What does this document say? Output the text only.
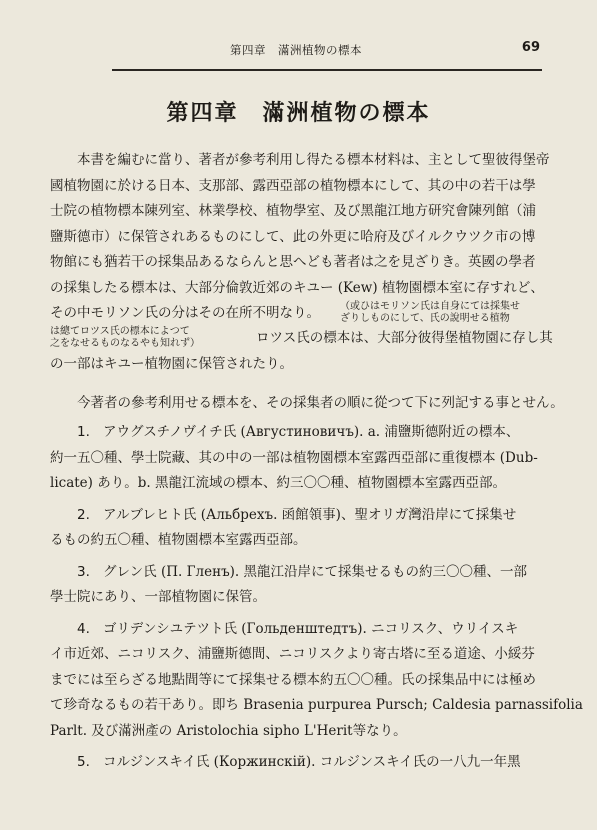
第四章　滿洲植物の標本	69
第四章　滿洲植物の標本
本書を編むに當り、著者が參考利用し得たる標本材料は、主として聖彼得堡帝
國植物園に於ける日本、支那部、露西亞部の植物標本にして、其の中の若干は學
士院の植物標本陳列室、林業學校、植物學室、及び黑龍江地方研究會陳列館（浦
鹽斯德市）に保管されあるものにして、此の外更に哈府及びイルクウツク市の博
物館にも猶若干の採集品あるならんと思へども著者は之を見ざりき。英國の學者
の採集したる標本は、大部分倫敦近郊のキユー (Kew) 植物園標本室に存すれど、
その中モリソン氏の分はその在所不明なり。 （或ひはモリソン氏は自身にては採集せ
ざりしものにして、氏の說明せる植物
は總てロツス氏の標本によつて
之をなせるものなるやも知れず）	ロツス氏の標本は、大部分彼得堡植物園に存し其
の一部はキユー植物園に保管されたり。
今著者の參考利用せる標本を、その採集者の順に從つて下に列記する事とせん。
1. アウグスチノヴイチ氏 (Августиновичъ). a. 浦鹽斯德附近の標本、
約一五〇種、學士院藏、其の中の一部は植物園標本室露西亞部に重復標本 (Dub-
licate) あり。b. 黑龍江流域の標本、約三〇〇種、植物園標本室露西亞部。
2. アルブレヒト氏 (Альбрехъ. 函館領事)、聖オリガ灣沿岸にて採集せ
るもの約五〇種、植物園標本室露西亞部。
3. グレン氏 (П. Гленъ). 黑龍江沿岸にて採集せるもの約三〇〇種、一部
學士院にあり、一部植物園に保管。
4. ゴリデンシユテツト氏 (Гольденштедтъ). ニコリスク、ウリイスキ
イ市近郊、ニコリスク、浦鹽斯德間、ニコリスクより寄古塔に至る道途、小綏芬
までには至らざる地點間等にて採集せる標本約五〇〇種。氏の採集品中には極め
て珍奇なるもの若干あり。即ち Brasenia purpurea Pursch; Caldesia parnassifolia
Parlt. 及び滿洲產の Aristolochia sipho L'Herit等なり。
5. コルジンスキイ氏 (Коржинскій). コルジンスキイ氏の一八九一年黑
